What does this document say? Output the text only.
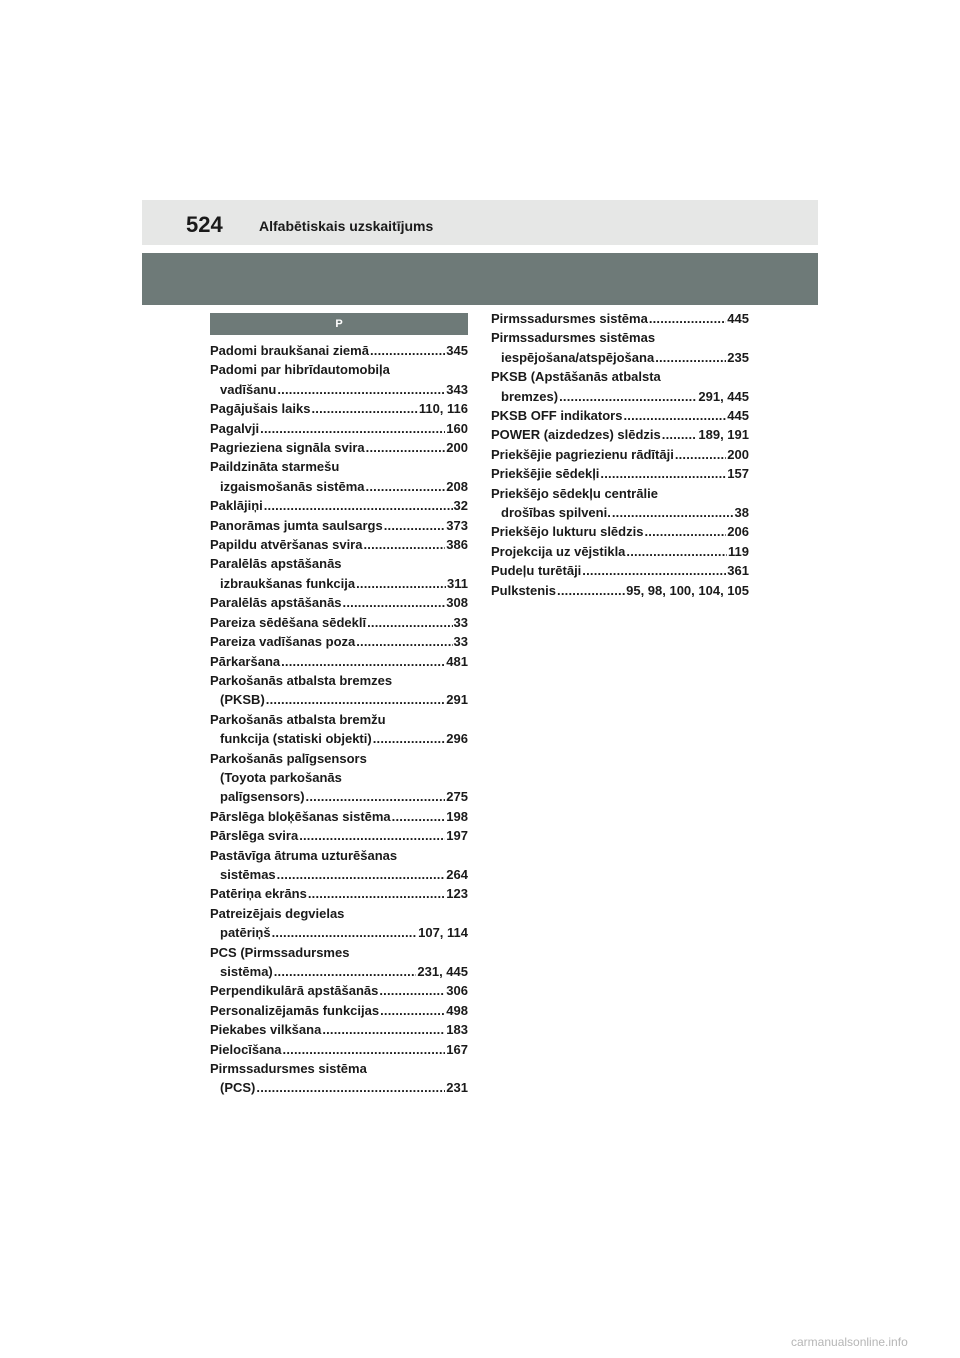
524	Alfabētiskais uzskaitījums
P
Padomi braukšanai ziemā .....	345
Padomi par hibrīdautomobiļa
vadīšanu .....	343
Pagājušais laiks .....	110, 116
Pagalvji .....	160
Pagrieziena signāla svira .....	200
Paildzināta starmešu
izgaismošanās sistēma .....	208
Paklājiņi .....	32
Panorāmas jumta saulsargs .....	373
Papildu atvēršanas svira .....	386
Paralēlās apstāšanās
izbraukšanas funkcija .....	311
Paralēlās apstāšanās .....	308
Pareiza sēdēšana sēdeklī .....	33
Pareiza vadīšanas poza .....	33
Pārkaršana .....	481
Parkošanās atbalsta bremzes
(PKSB) .....	291
Parkošanās atbalsta bremžu
funkcija (statiski objekti) .....	296
Parkošanās palīgsensors
(Toyota parkošanās
palīgsensors) .....	275
Pārslēga bloķēšanas sistēma .....	198
Pārslēga svira .....	197
Pastāvīga ātruma uzturēšanas
sistēmas .....	264
Patēriņa ekrāns .....	123
Patreizējais degvielas
patēriņš .....	107, 114
PCS (Pirmssadursmes
sistēma) .....	231, 445
Perpendikulārā apstāšanās .....	306
Personalizējamās funkcijas .....	498
Piekabes vilkšana .....	183
Pielocīšana .....	167
Pirmssadursmes sistēma
(PCS) .....	231
Pirmssadursmes sistēma .....	445
Pirmssadursmes sistēmas
iespējošana/atspējošana .....	235
PKSB (Apstāšanās atbalsta
bremzes) .....	291, 445
PKSB OFF indikators .....	445
POWER (aizdedzes) slēdzis .....	189, 191
Priekšējie pagriezienu rādītāji .....	200
Priekšējie sēdekļi .....	157
Priekšējo sēdekļu centrālie
drošības spilveni. .....	38
Priekšējo lukturu slēdzis .....	206
Projekcija uz vējstikla .....	119
Pudeļu turētāji .....	361
Pulkstenis .....	95, 98, 100, 104, 105
carmanualsonline.info
